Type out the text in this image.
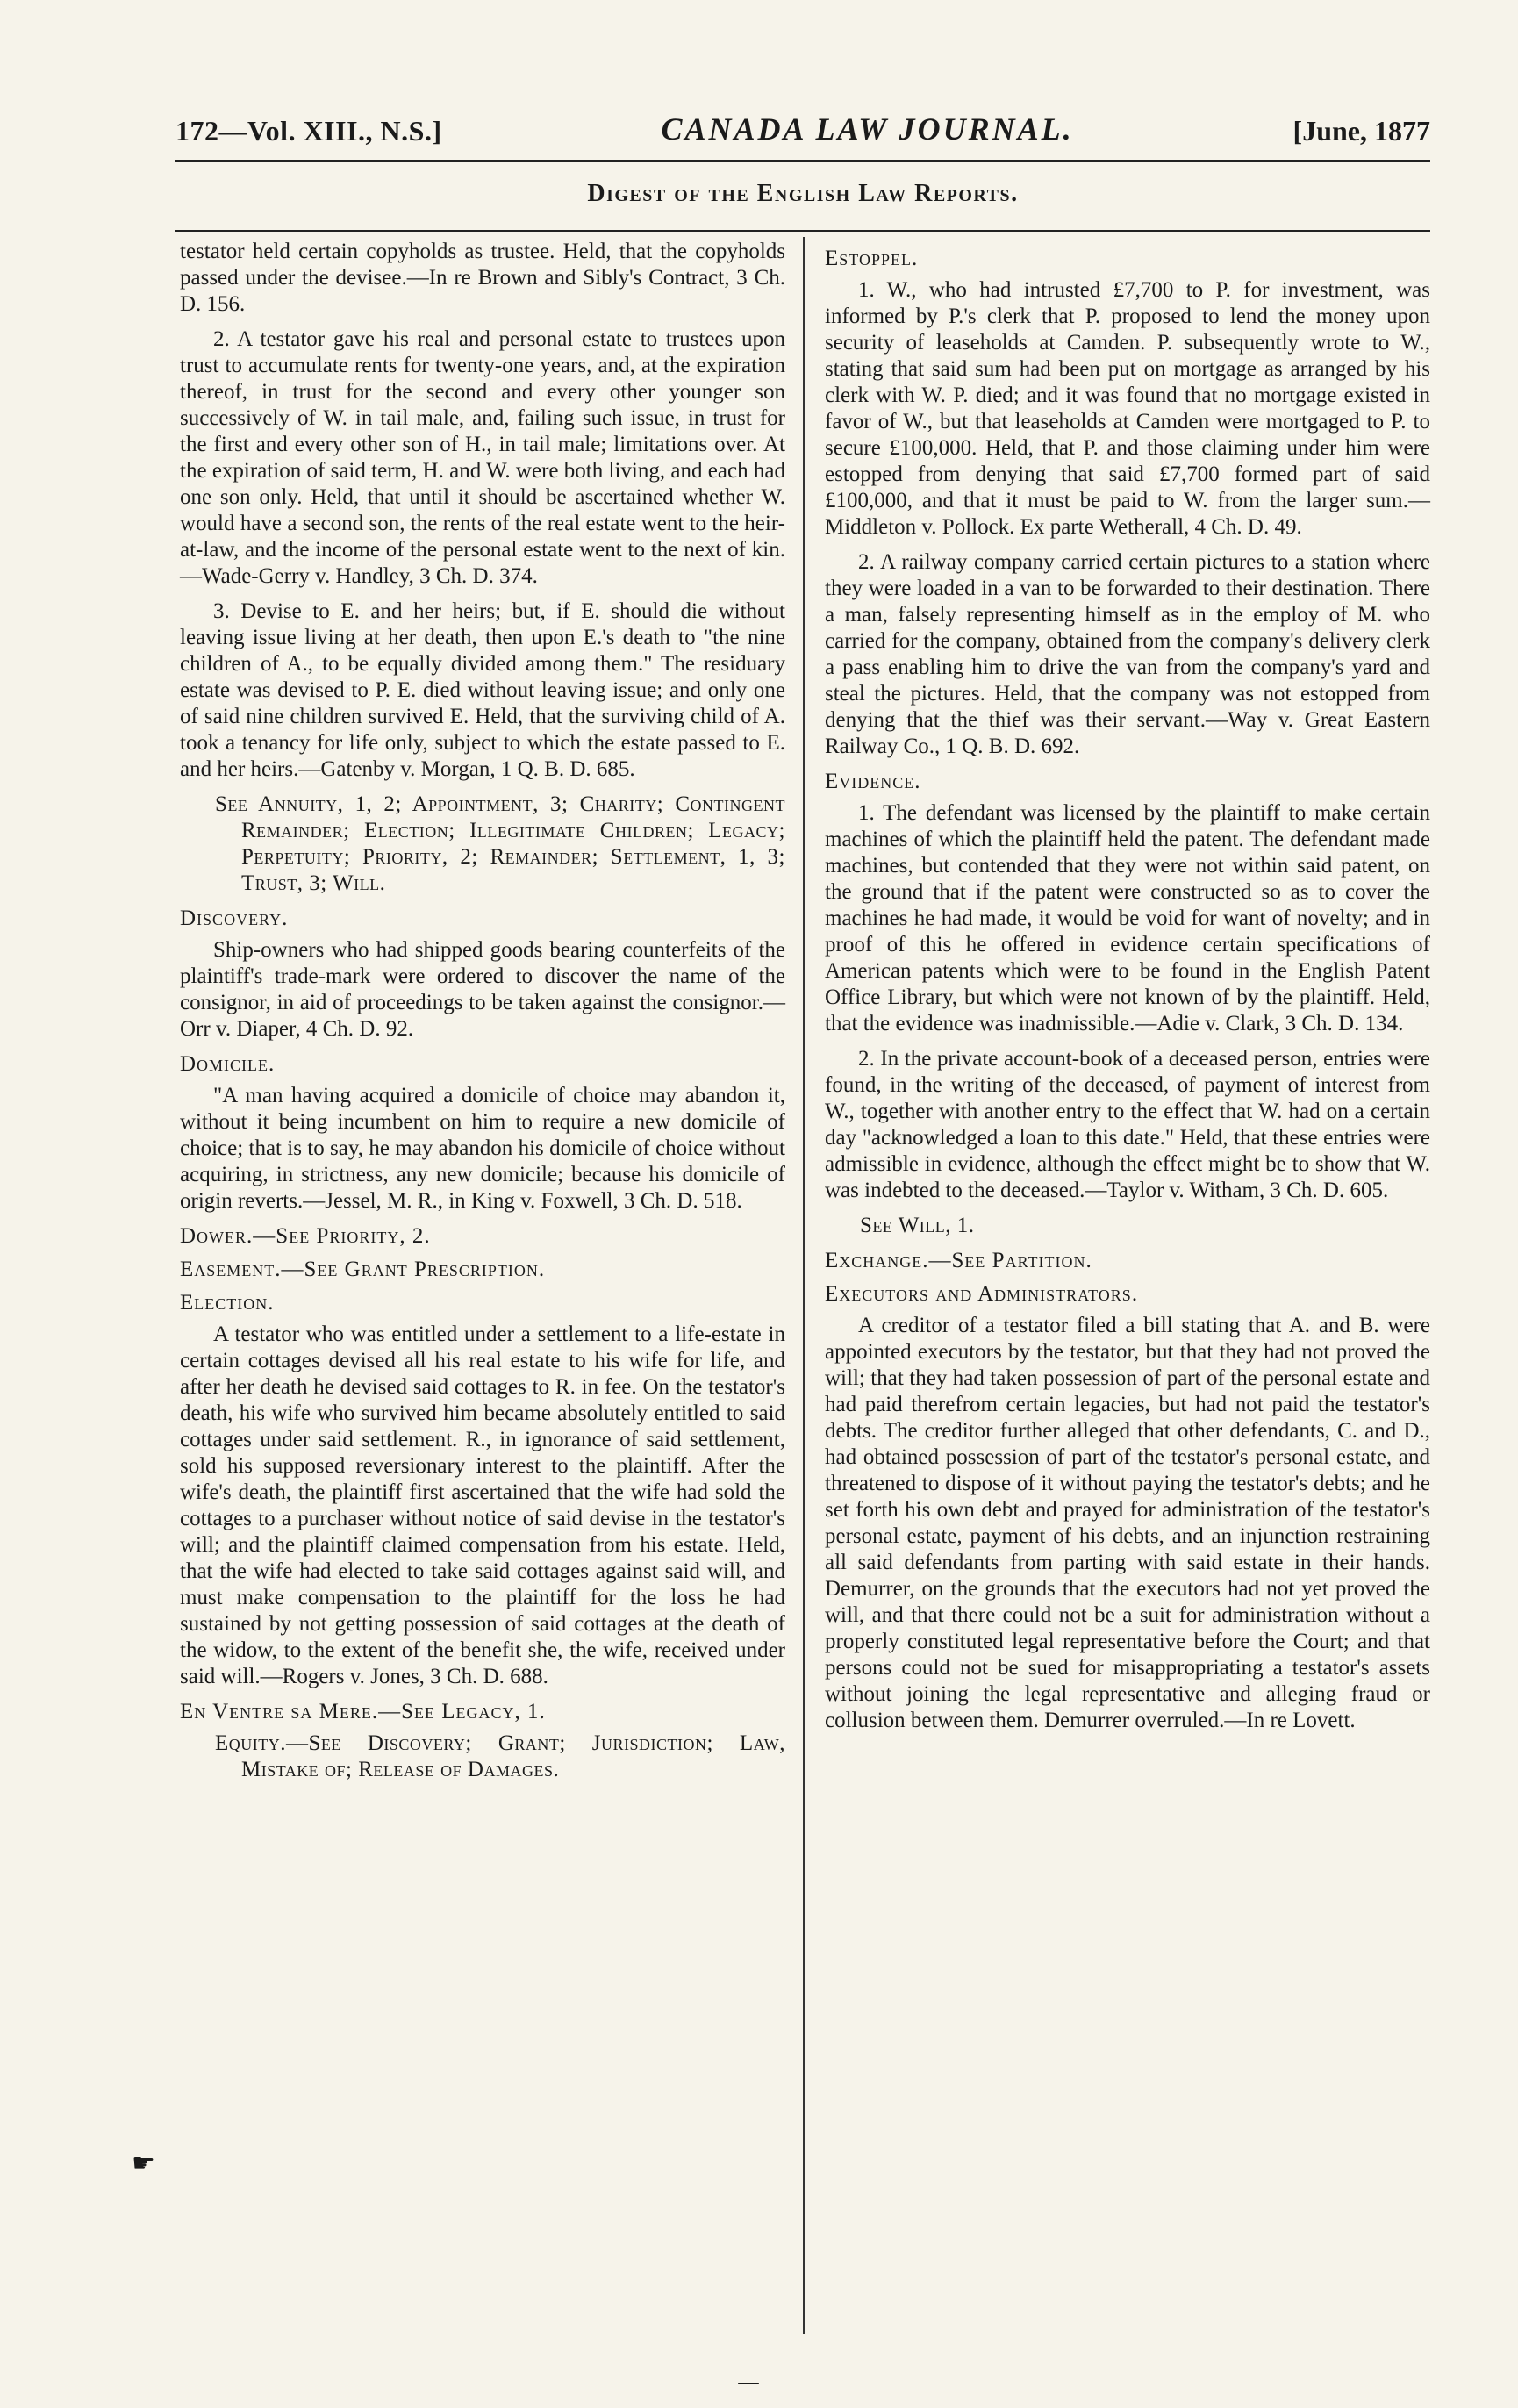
172—Vol. XIII., N.S.]	CANADA LAW JOURNAL.	[June, 1877
Digest of the English Law Reports.
testator held certain copyholds as trustee. Held, that the copyholds passed under the devisee.—In re Brown and Sibly's Contract, 3 Ch. D. 156.
2. A testator gave his real and personal estate to trustees upon trust to accumulate rents for twenty-one years, and, at the expiration thereof, in trust for the second and every other younger son successively of W. in tail male, and, failing such issue, in trust for the first and every other son of H., in tail male; limitations over. At the expiration of said term, H. and W. were both living, and each had one son only. Held, that until it should be ascertained whether W. would have a second son, the rents of the real estate went to the heir-at-law, and the income of the personal estate went to the next of kin.—Wade-Gerry v. Handley, 3 Ch. D. 374.
3. Devise to E. and her heirs; but, if E. should die without leaving issue living at her death, then upon E.'s death to "the nine children of A., to be equally divided among them." The residuary estate was devised to P. E. died without leaving issue; and only one of said nine children survived E. Held, that the surviving child of A. took a tenancy for life only, subject to which the estate passed to E. and her heirs.—Gatenby v. Morgan, 1 Q. B. D. 685.
See Annuity, 1, 2; Appointment, 3; Charity; Contingent Remainder; Election; Illegitimate Children; Legacy; Perpetuity; Priority, 2; Remainder; Settlement, 1, 3; Trust, 3; Will.
Discovery.
Ship-owners who had shipped goods bearing counterfeits of the plaintiff's trade-mark were ordered to discover the name of the consignor, in aid of proceedings to be taken against the consignor.—Orr v. Diaper, 4 Ch. D. 92.
Domicile.
"A man having acquired a domicile of choice may abandon it, without it being incumbent on him to require a new domicile of choice; that is to say, he may abandon his domicile of choice without acquiring, in strictness, any new domicile; because his domicile of origin reverts.—Jessel, M. R., in King v. Foxwell, 3 Ch. D. 518.
Dower.—See Priority, 2.
Easement.—See Grant Prescription.
Election.
A testator who was entitled under a settlement to a life-estate in certain cottages devised all his real estate to his wife for life, and after her death he devised said cottages to R. in fee. On the testator's death, his wife who survived him became absolutely entitled to said cottages under said settlement. R., in ignorance of said settlement, sold his supposed reversionary interest to the plaintiff. After the wife's death, the plaintiff first ascertained that the wife had sold the cottages to a purchaser without notice of said devise in the testator's will; and the plaintiff claimed compensation from his estate. Held, that the wife had elected to take said cottages against said will, and must make compensation to the plaintiff for the loss he had sustained by not getting possession of said cottages at the death of the widow, to the extent of the benefit she, the wife, received under said will.—Rogers v. Jones, 3 Ch. D. 688.
En Ventre sa Mere.—See Legacy, 1.
Equity.—See Discovery; Grant; Jurisdiction; Law, Mistake of; Release of Damages.
Estoppel.
1. W., who had intrusted £7,700 to P. for investment, was informed by P.'s clerk that P. proposed to lend the money upon security of leaseholds at Camden. P. subsequently wrote to W., stating that said sum had been put on mortgage as arranged by his clerk with W. P. died; and it was found that no mortgage existed in favor of W., but that leaseholds at Camden were mortgaged to P. to secure £100,000. Held, that P. and those claiming under him were estopped from denying that said £7,700 formed part of said £100,000, and that it must be paid to W. from the larger sum.—Middleton v. Pollock. Ex parte Wetherall, 4 Ch. D. 49.
2. A railway company carried certain pictures to a station where they were loaded in a van to be forwarded to their destination. There a man, falsely representing himself as in the employ of M. who carried for the company, obtained from the company's delivery clerk a pass enabling him to drive the van from the company's yard and steal the pictures. Held, that the company was not estopped from denying that the thief was their servant.—Way v. Great Eastern Railway Co., 1 Q. B. D. 692.
Evidence.
1. The defendant was licensed by the plaintiff to make certain machines of which the plaintiff held the patent. The defendant made machines, but contended that they were not within said patent, on the ground that if the patent were constructed so as to cover the machines he had made, it would be void for want of novelty; and in proof of this he offered in evidence certain specifications of American patents which were to be found in the English Patent Office Library, but which were not known of by the plaintiff. Held, that the evidence was inadmissible.—Adie v. Clark, 3 Ch. D. 134.
2. In the private account-book of a deceased person, entries were found, in the writing of the deceased, of payment of interest from W., together with another entry to the effect that W. had on a certain day "acknowledged a loan to this date." Held, that these entries were admissible in evidence, although the effect might be to show that W. was indebted to the deceased.—Taylor v. Witham, 3 Ch. D. 605.
See Will, 1.
Exchange.—See Partition.
Executors and Administrators.
A creditor of a testator filed a bill stating that A. and B. were appointed executors by the testator, but that they had not proved the will; that they had taken possession of part of the personal estate and had paid therefrom certain legacies, but had not paid the testator's debts. The creditor further alleged that other defendants, C. and D., had obtained possession of part of the testator's personal estate, and threatened to dispose of it without paying the testator's debts; and he set forth his own debt and prayed for administration of the testator's personal estate, payment of his debts, and an injunction restraining all said defendants from parting with said estate in their hands. Demurrer, on the grounds that the executors had not yet proved the will, and that there could not be a suit for administration without a properly constituted legal representative before the Court; and that persons could not be sued for misappropriating a testator's assets without joining the legal representative and alleging fraud or collusion between them. Demurrer overruled.—In re Lovett.
☛
—
